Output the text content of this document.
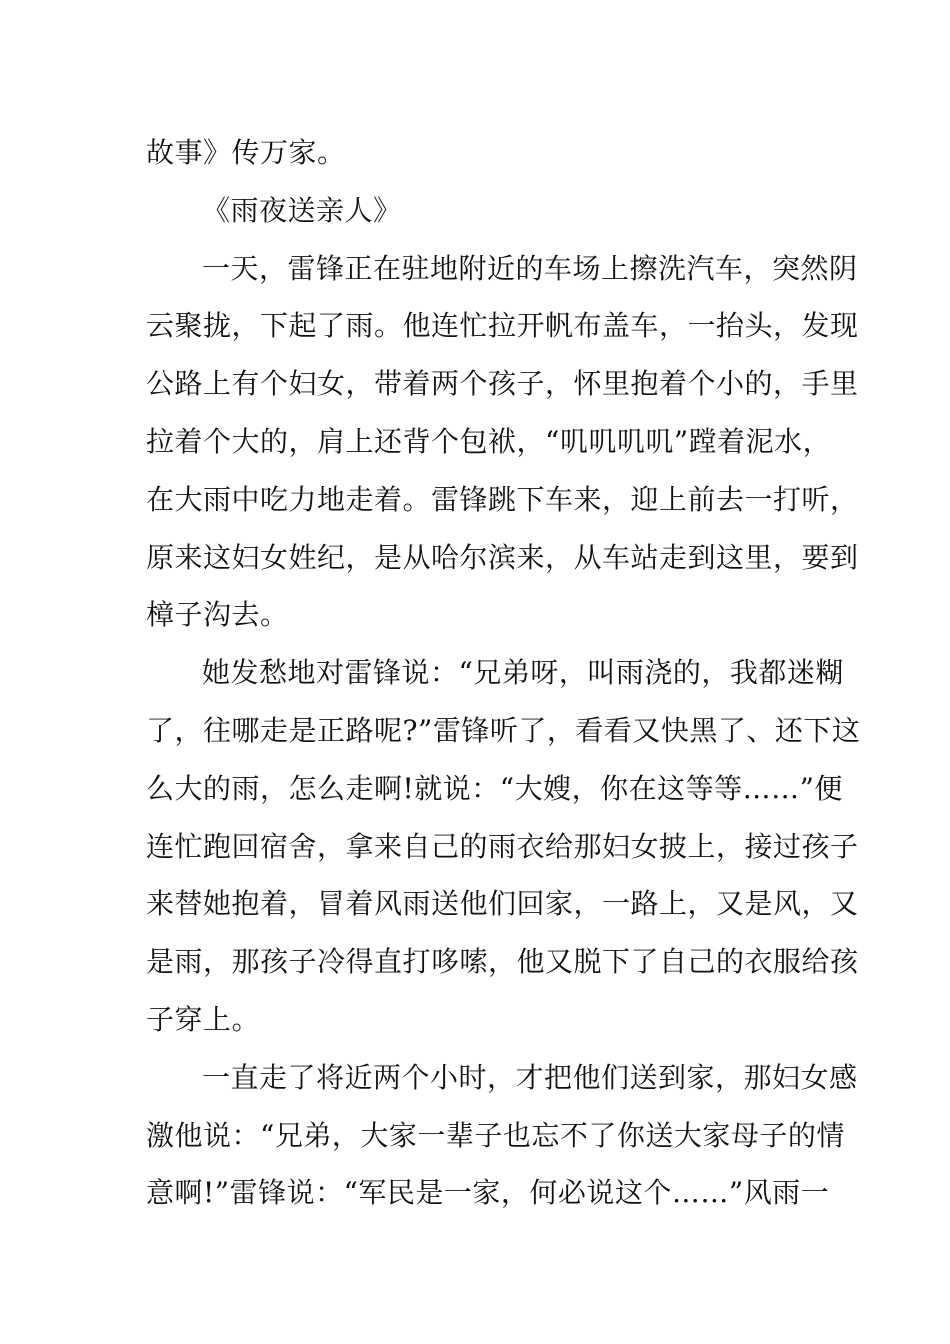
故事》传万家。
《雨夜送亲人》
一天，雷锋正在驻地附近的车场上擦洗汽车，突然阴
云聚拢，下起了雨。他连忙拉开帆布盖车，一抬头，发现
公路上有个妇女，带着两个孩子，怀里抱着个小的，手里
拉着个大的，肩上还背个包袱，“叽叽叽叽”蹚着泥水，
在大雨中吃力地走着。雷锋跳下车来，迎上前去一打听，
原来这妇女姓纪，是从哈尔滨来，从车站走到这里，要到
樟子沟去。
她发愁地对雷锋说：“兄弟呀，叫雨浇的，我都迷糊
了，往哪走是正路呢?”雷锋听了，看看又快黑了、还下这
么大的雨，怎么走啊!就说：“大嫂，你在这等等……”便
连忙跑回宿舍，拿来自己的雨衣给那妇女披上，接过孩子
来替她抱着，冒着风雨送他们回家，一路上，又是风，又
是雨，那孩子冷得直打哆嗦，他又脱下了自己的衣服给孩
子穿上。
一直走了将近两个小时，才把他们送到家，那妇女感
激他说：“兄弟，大家一辈子也忘不了你送大家母子的情
意啊!”雷锋说：“军民是一家，何必说这个……”风雨一
